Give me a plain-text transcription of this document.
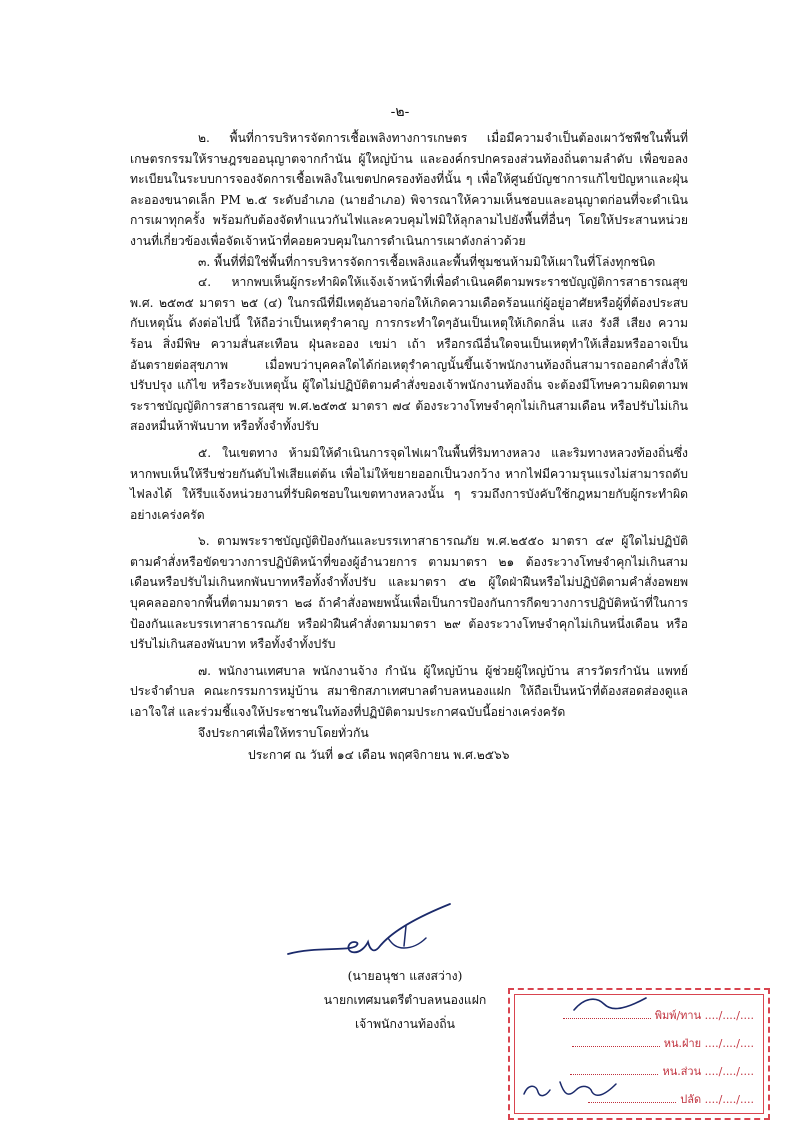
-๒-

๒. พื้นที่การบริหารจัดการเชื้อเพลิงทางการเกษตร เมื่อมีความจำเป็นต้องเผาวัชพืชในพื้นที่เกษตรกรรมให้ราษฎรขออนุญาตจากกำนัน ผู้ใหญ่บ้าน และองค์กรปกครองส่วนท้องถิ่นตามลำดับ เพื่อขอลงทะเบียนในระบบการจองจัดการเชื้อเพลิงในเขตปกครองท้องที่นั้น ๆ เพื่อให้ศูนย์บัญชาการแก้ไขปัญหาและฝุ่นละอองขนาดเล็ก PM ๒.๕ ระดับอำเภอ (นายอำเภอ) พิจารณาให้ความเห็นชอบและอนุญาตก่อนที่จะดำเนินการเผาทุกครั้ง พร้อมกับต้องจัดทำแนวกันไฟและควบคุมไฟมิให้ลุกลามไปยังพื้นที่อื่นๆ โดยให้ประสานหน่วยงานที่เกี่ยวข้องเพื่อจัดเจ้าหน้าที่คอยควบคุมในการดำเนินการเผาดังกล่าวด้วย

๓. พื้นที่ที่มิใช่พื้นที่การบริหารจัดการเชื้อเพลิงและพื้นที่ชุมชนห้ามมิให้เผาในที่โล่งทุกชนิด

๔. หากพบเห็นผู้กระทำผิดให้แจ้งเจ้าหน้าที่เพื่อดำเนินคดีตามพระราชบัญญัติการสาธารณสุข พ.ศ. ๒๕๓๕ มาตรา ๒๕ (๔) ในกรณีที่มีเหตุอันอาจก่อให้เกิดความเดือดร้อนแก่ผู้อยู่อาศัยหรือผู้ที่ต้องประสบกับเหตุนั้น ดังต่อไปนี้ ให้ถือว่าเป็นเหตุรำคาญ การกระทำใดๆอันเป็นเหตุให้เกิดกลิ่น แสง รังสี เสียง ความร้อน สิ่งมีพิษ ความสั่นสะเทือน ฝุ่นละออง เขม่า เถ้า หรือกรณีอื่นใดจนเป็นเหตุทำให้เสื่อมหรืออาจเป็นอันตรายต่อสุขภาพ เมื่อพบว่าบุคคลใดได้ก่อเหตุรำคาญนั้นขึ้นเจ้าพนักงานท้องถิ่นสามารถออกคำสั่งให้ปรับปรุง แก้ไข หรือระงับเหตุนั้น ผู้ใดไม่ปฏิบัติตามคำสั่งของเจ้าพนักงานท้องถิ่น จะต้องมีโทษความผิดตามพระราชบัญญัติการสาธารณสุข พ.ศ.๒๕๓๕ มาตรา ๗๔ ต้องระวางโทษจำคุกไม่เกินสามเดือน หรือปรับไม่เกินสองหมื่นห้าพันบาท หรือทั้งจำทั้งปรับ

๕. ในเขตทาง ห้ามมิให้ดำเนินการจุดไฟเผาในพื้นที่ริมทางหลวง และริมทางหลวงท้องถิ่นซึ่งหากพบเห็นให้รีบช่วยกันดับไฟเสียแต่ต้น เพื่อไม่ให้ขยายออกเป็นวงกว้าง หากไฟมีความรุนแรงไม่สามารถดับไฟลงได้ ให้รีบแจ้งหน่วยงานที่รับผิดชอบในเขตทางหลวงนั้น ๆ รวมถึงการบังคับใช้กฎหมายกับผู้กระทำผิดอย่างเคร่งครัด

๖. ตามพระราชบัญญัติป้องกันและบรรเทาสาธารณภัย พ.ศ.๒๕๕๐ มาตรา ๔๙ ผู้ใดไม่ปฏิบัติตามคำสั่งหรือขัดขวางการปฏิบัติหน้าที่ของผู้อำนวยการ ตามมาตรา ๒๑ ต้องระวางโทษจำคุกไม่เกินสามเดือนหรือปรับไม่เกินหกพันบาทหรือทั้งจำทั้งปรับ และมาตรา ๕๒ ผู้ใดฝ่าฝืนหรือไม่ปฏิบัติตามคำสั่งอพยพบุคคลออกจากพื้นที่ตามมาตรา ๒๘ ถ้าคำสั่งอพยพนั้นเพื่อเป็นการป้องกันการกีดขวางการปฏิบัติหน้าที่ในการป้องกันและบรรเทาสาธารณภัย หรือฝ่าฝืนคำสั่งตามมาตรา ๒๙ ต้องระวางโทษจำคุกไม่เกินหนึ่งเดือน หรือปรับไม่เกินสองพันบาท หรือทั้งจำทั้งปรับ

๗. พนักงานเทศบาล พนักงานจ้าง กำนัน ผู้ใหญ่บ้าน ผู้ช่วยผู้ใหญ่บ้าน สารวัตรกำนัน แพทย์ประจำตำบล คณะกรรมการหมู่บ้าน สมาชิกสภาเทศบาลตำบลหนองแฝก ให้ถือเป็นหน้าที่ต้องสอดส่องดูแลเอาใจใส่ และร่วมชี้แจงให้ประชาชนในท้องที่ปฏิบัติตามประกาศฉบับนี้อย่างเคร่งครัด

จึงประกาศเพื่อให้ทราบโดยทั่วกัน

ประกาศ ณ วันที่ ๑๔ เดือน พฤศจิกายน พ.ศ.๒๕๖๖

(นายอนุชา แสงสว่าง)
นายกเทศมนตรีตำบลหนองแฝก
เจ้าพนักงานท้องถิ่น
พิมพ์/ทาน ..../..../....
หน.ฝ่าย ..../..../....
หน.ส่วน ..../..../....
ปลัด ..../..../....
